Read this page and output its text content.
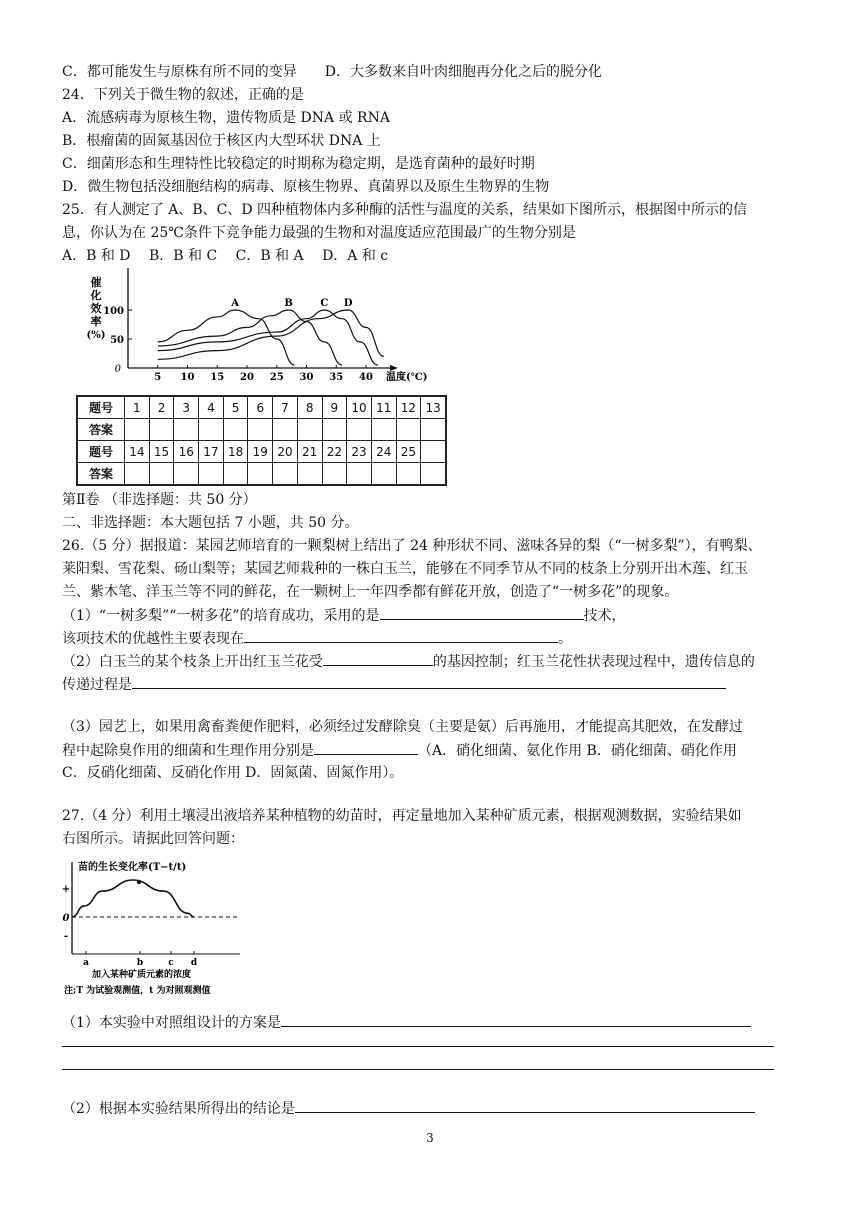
C．都可能发生与原株有所不同的变异 D．大多数来自叶肉细胞再分化之后的脱分化
24．下列关于微生物的叙述，正确的是
A．流感病毒为原核生物，遗传物质是 DNA 或 RNA
B．根瘤菌的固氮基因位于核区内大型环状 DNA 上
C．细菌形态和生理特性比较稳定的时期称为稳定期，是选育菌种的最好时期
D．微生物包括没细胞结构的病毒、原核生物界、真菌界以及原生生物界的生物
25．有人测定了 A、B、C、D 四种植物体内多种酶的活性与温度的关系，结果如下图所示，根据图中所示的信
息，你认为在 25℃条件下竞争能力最强的生物和对温度适应范围最广的生物分别是
A．B 和 D　 B．B 和 C　 C．B 和 A　 D．A 和 c
催
化
效
率
(%)
温度(℃)
5 10 15 20 25 30 35 40
0
50
100
A	B	C D
题号	1	2	3	4	5	6	7	8	9	10	11	12	13
答案													
题号	14	15	16	17	18	19	20	21	22	23	24	25	
答案													
第Ⅱ卷 （非选择题：共 50 分）
二、非选择题：本大题包括 7 小题，共 50 分。
26.（5 分）据报道：某园艺师培育的一颗梨树上结出了 24 种形状不同、滋味各异的梨（“一树多梨”），有鸭梨、
莱阳梨、雪花梨、砀山梨等；某园艺师栽种的一株白玉兰，能够在不同季节从不同的枝条上分别开出木莲、红玉
兰、紫木笔、洋玉兰等不同的鲜花，在一颗树上一年四季都有鲜花开放，创造了“一树多花”的现象。
（1）“一树多梨”“一树多花”的培育成功，采用的是	技术，
该项技术的优越性主要表现在	。
（2）白玉兰的某个枝条上开出红玉兰花受	的基因控制；红玉兰花性状表现过程中，遗传信息的
传递过程是
（3）园艺上，如果用禽畜粪便作肥料，必须经过发酵除臭（主要是氨）后再施用，才能提高其肥效，在发酵过
程中起除臭作用的细菌和生理作用分别是	（A．硝化细菌、氨化作用 B．硝化细菌、硝化作用
C．反硝化细菌、反硝化作用 D．固氮菌、固氮作用）。
27.（4 分）利用土壤浸出液培养某种植物的幼苗时，再定量地加入某种矿质元素，根据观测数据，实验结果如
右图所示。请据此回答问题：
苗的生长变化率(T−t/t)
+
0
-
a	b	c d
加入某种矿质元素的浓度
注;T 为试验观测值，t 为对照观测值
（1）本实验中对照组设计的方案是
（2）根据本实验结果所得出的结论是
3
